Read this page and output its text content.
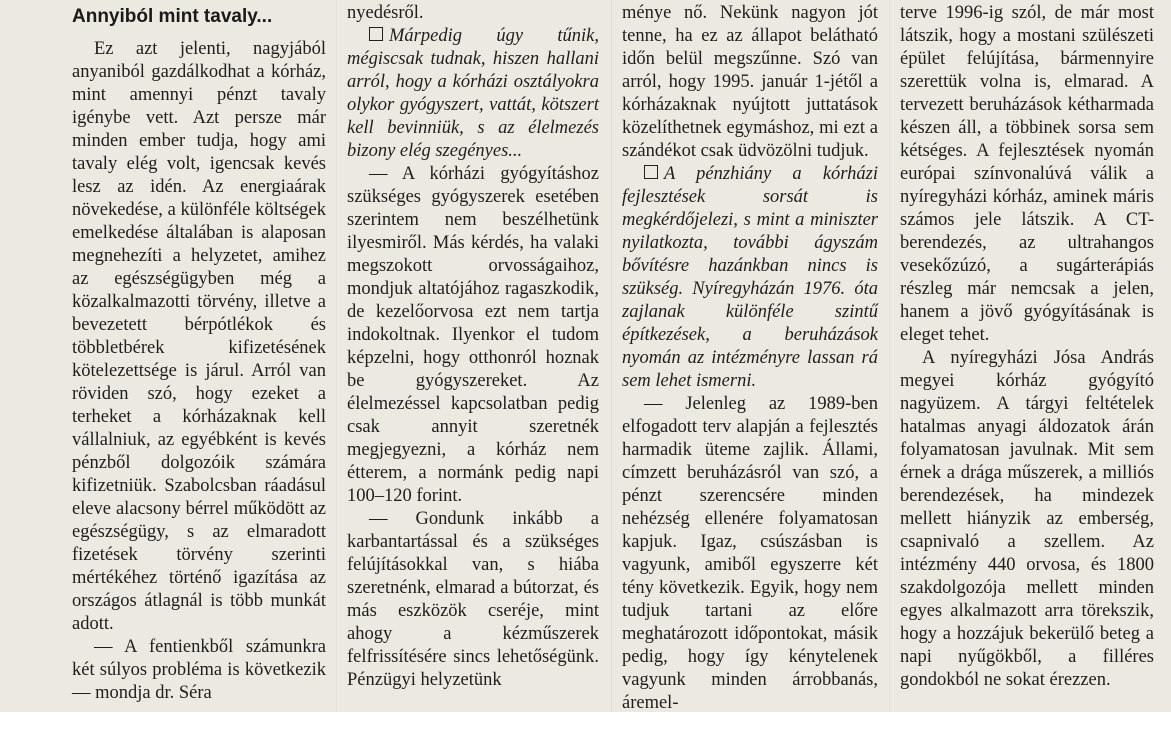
Annyiból mint tavaly...

Ez azt jelenti, nagyjából anyaniból gazdálkodhat a kórház, mint amennyi pénzt tavaly igénybe vett. Azt persze már minden ember tudja, hogy ami tavaly elég volt, igencsak kevés lesz az idén. Az energiaárak növekedése, a különféle költségek emelkedése általában is alaposan megnehezíti a helyzetet, amihez az egészségügyben még a közalkalmazotti törvény, illetve a bevezetett bérpótlékok és többletbérek kifizetésének kötelezettsége is járul. Arról van röviden szó, hogy ezeket a terheket a kórházaknak kell vállalniuk, az egyébként is kevés pénzből dolgozóik számára kifizetniük. Szabolcsban ráadásul eleve alacsony bérrel működött az egészségügy, s az elmaradott fizetések törvény szerinti mértékéhez történő igazítása az országos átlagnál is több munkát adott.

— A fentienkből számunkra két súlyos probléma is következik — mondja dr. Séra

nyedésről.

Márpedig úgy tűnik, mégiscsak tudnak, hiszen hallani arról, hogy a kórházi osztályokra olykor gyógyszert, vattát, kötszert kell bevinniük, s az élelmezés bizony elég szegényes...

— A kórházi gyógyításhoz szükséges gyógyszerek esetében szerintem nem beszélhetünk ilyesmiről. Más kérdés, ha valaki megszokott orvosságaihoz, mondjuk altatójához ragaszkodik, de kezelőorvosa ezt nem tartja indokoltnak. Ilyenkor el tudom képzelni, hogy otthonról hoznak be gyógyszereket. Az élelmezéssel kapcsolatban pedig csak annyit szeretnék megjegyezni, a kórház nem étterem, a normánk pedig napi 100–120 forint.

— Gondunk inkább a karbantartással és a szükséges felújításokkal van, s hiába szeretnénk, elmarad a bútorzat, és más eszközök cseréje, mint ahogy a kézműszerek felfrissítésére sincs lehetőségünk. Pénzügyi helyzetünk

ménye nő. Nekünk nagyon jót tenne, ha ez az állapot belátható időn belül megszűnne. Szó van arról, hogy 1995. január 1-jétől a kórházaknak nyújtott juttatások közelíthetnek egymáshoz, mi ezt a szándékot csak üdvözölni tudjuk.

A pénzhiány a kórházi fejlesztések sorsát is megkérdőjelezi, s mint a miniszter nyilatkozta, további ágyszám bővítésre hazánkban nincs is szükség. Nyíregyházán 1976. óta zajlanak különféle szintű építkezések, a beruházások nyomán az intézményre lassan rá sem lehet ismerni.

— Jelenleg az 1989-ben elfogadott terv alapján a fejlesztés harmadik üteme zajlik. Állami, címzett beruházásról van szó, a pénzt szerencsére minden nehézség ellenére folyamatosan kapjuk. Igaz, csúszásban is vagyunk, amiből egyszerre két tény következik. Egyik, hogy nem tudjuk tartani az előre meghatározott időpontokat, másik pedig, hogy így kénytelenek vagyunk minden árrobbanás, áremel-

terve 1996-ig szól, de már most látszik, hogy a mostani szülészeti épület felújítása, bármennyire szerettük volna is, elmarad. A tervezett beruházások kétharmada készen áll, a többinek sorsa sem kétséges. A fejlesztések nyomán európai színvonalúvá válik a nyíregyházi kórház, aminek máris számos jele látszik. A CT-berendezés, az ultrahangos vesekőzúzó, a sugárterápiás részleg már nemcsak a jelen, hanem a jövő gyógyításának is eleget tehet.

A nyíregyházi Jósa András megyei kórház gyógyító nagyüzem. A tárgyi feltételek hatalmas anyagi áldozatok árán folyamatosan javulnak. Mit sem érnek a drága műszerek, a milliós berendezések, ha mindezek mellett hiányzik az emberség, csapnivaló a szellem. Az intézmény 440 orvosa, és 1800 szakdolgozója mellett minden egyes alkalmazott arra törekszik, hogy a hozzájuk bekerülő beteg a napi nyűgökből, a filléres gondokból ne sokat érezzen.
